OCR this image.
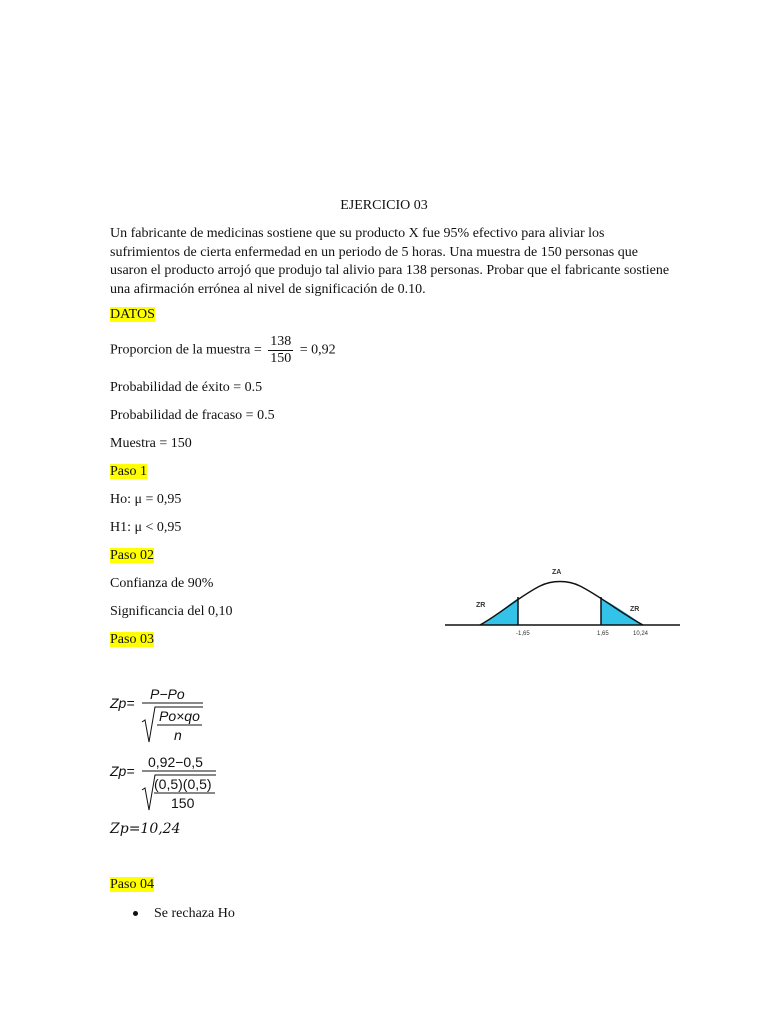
EJERCICIO 03
Un fabricante de medicinas sostiene que su producto X fue 95% efectivo para aliviar los sufrimientos de cierta enfermedad en un periodo de 5 horas. Una muestra de 150 personas que usaron el producto arrojó que produjo tal alivio para 138 personas. Probar que el fabricante sostiene una afirmación errónea al nivel de significación de 0.10.
DATOS
Proporcion de la muestra = $\frac{138}{150} = 0,92$
Probabilidad de éxito = 0.5
Probabilidad de fracaso = 0.5
Muestra = 150
Paso 1
Ho: μ = 0,95
H1: μ < 0,95
Paso 02
Confianza de 90%
Significancia del 0,10
ZA
ZR
ZR
-1,65	1,65	10,24
Paso 03
Zp=
P−Po
Po×qo
n
Zp=
0,92−0,5
(0,5)(0,5)
150
Zp=10,24
Paso 04
Se rechaza Ho
